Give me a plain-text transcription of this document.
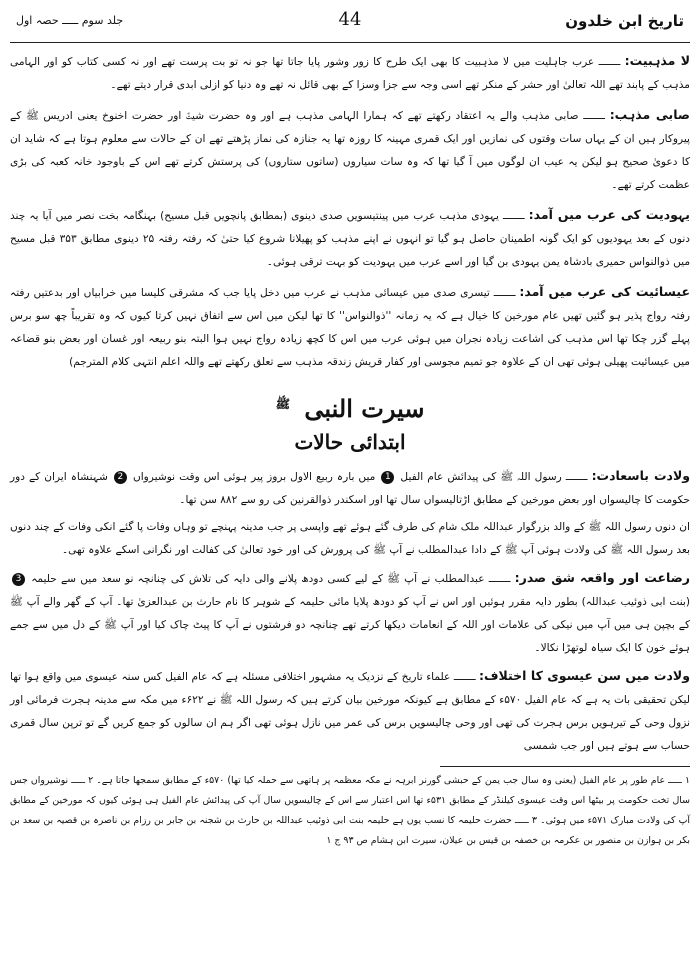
تاریخ ابن خلدون
44
جلد سوم ـــــ حصہ اول

لا مذہبیت: ـــــــ عرب جاہلیت میں لا مذہبیت کا بھی ایک طرح کا زور وشور پایا جاتا تھا جو نہ تو بت پرست تھے اور نہ کسی کتاب کو اور الہامی مذہب کے پابند تھے اللہ تعالیٰ اور حشر کے منکر تھے اسی وجہ سے جزا وسزا کے بھی قائل نہ تھے وہ دنیا کو ازلی ابدی قرار دیتے تھے۔

صابی مذہب: ـــــــ صابی مذہب والے یہ اعتقاد رکھتے تھے کہ ہمارا الہامی مذہب ہے اور وہ حضرت شیثؑ اور حضرت اخنوخ یعنی ادریس ﷺ کے پیروکار ہیں ان کے یہاں سات وقتوں کی نمازیں اور ایک قمری مہینہ کا روزہ تھا یہ جنازہ کی نماز پڑھتے تھے ان کے حالات سے معلوم ہوتا ہے کہ شاید ان کا دعویٰ صحیح ہو لیکن یہ عیب ان لوگوں میں آ گیا تھا کہ وہ سات سیاروں (ساتوں ستاروں) کی پرستش کرتے تھے اس کے باوجود خانہ کعبہ کی بڑی عظمت کرتے تھے۔

یہودیت کی عرب میں آمد: ـــــــ یہودی مذہب عرب میں پینتیسویں صدی دینوی (بمطابق پانچویں قبل مسیح) بہنگامہ بخت نصر میں آیا یہ چند دنوں کے بعد یہودیوں کو ایک گونہ اطمینان حاصل ہو گیا تو انہوں نے اپنے مذہب کو پھیلانا شروع کیا حتیٰ کہ رفتہ رفتہ ۲۵ دینوی مطابق ۳۵۳ قبل مسیح میں ذوالنواس حمیری بادشاہ یمن یہودی بن گیا اور اسے عرب میں یہودیت کو بہت ترقی ہوئی۔

عیسائیت کی عرب میں آمد: ـــــــ تیسری صدی میں عیسائی مذہب نے عرب میں دخل پایا جب کہ مشرقی کلیسا میں خرابیاں اور بدعتیں رفتہ رفتہ رواج پذیر ہو گئیں تھیں عام مورخین کا خیال ہے کہ یہ زمانہ ''ذوالنواس'' کا تھا لیکن میں اس سے اتفاق نہیں کرتا کیوں کہ وہ تقریباً چھ سو برس پہلے گزر چکا تھا اس مذہب کی اشاعت زیادہ نجران میں ہوئی عرب میں اس کا کچھ زیادہ رواج نہیں ہوا البتہ بنو ربیعہ اور غسان اور بعض بنو قضاعہ میں عیسائیت پھیلی ہوئی تھی ان کے علاوہ جو تمیم مجوسی اور کفار قریش زندقہ مذہب سے تعلق رکھتے تھے واللہ اعلم انتہی کلام المترجم)

سیرت النبی $^ﷺ$
ابتدائی حالات

ولادت باسعادت: ـــــــ رسول اللہ ﷺ کی پیدائش عام الفیل 1 میں بارہ ربیع الاول بروز پیر ہوئی اس وقت نوشیرواں 2 شہنشاہ ایران کے دور حکومت کا چالیسواں اور بعض مورخین کے مطابق اڑتالیسواں سال تھا اور اسکندر ذوالقرنین کی رو سے ۸۸۲ سن تھا۔

ان دنوں رسول اللہ ﷺ کے والد بزرگوار عبداللہ ملک شام کی طرف گئے ہوئے تھے واپسی پر جب مدینہ پہنچے تو وہاں وفات پا گئے انکی وفات کے چند دنوں بعد رسول اللہ ﷺ کی ولادت ہوئی آپ ﷺ کے دادا عبدالمطلب نے آپ ﷺ کی پرورش کی اور خود تعالیٰ کی کفالت اور نگرانی اسکے علاوہ تھی۔

رضاعت اور واقعہ شق صدر: ـــــــ عبدالمطلب نے آپ ﷺ کے لیے کسی دودھ پلانے والی دایہ کی تلاش کی چنانچہ نو سعد میں سے حلیمہ 3 (بنت ابی ذوئیب عبداللہ) بطور دایہ مقرر ہوئیں اور اس نے آپ کو دودھ پلایا مائی حلیمہ کے شوہر کا نام حارث بن عبدالعزیٰ تھا۔ آپ کے گھر والے آپ ﷺ کے بچپن ہی میں آپ میں نیکی کی علامات اور اللہ کے انعامات دیکھا کرتے تھے چنانچہ دو فرشتوں نے آپ کا پیٹ چاک کیا اور آپ ﷺ کے دل میں سے جمے ہوئے خون کا ایک سیاہ لوتھڑا نکالا۔

ولادت میں سن عیسوی کا اختلاف: ـــــــ علماء تاریخ کے نزدیک یہ مشہور اختلافی مسئلہ ہے کہ عام الفیل کس سنہ عیسوی میں واقع ہوا تھا لیکن تحقیقی بات یہ ہے کہ عام الفیل ۵۷۰ء کے مطابق ہے کیونکہ مورخین بیان کرتے ہیں کہ رسول اللہ ﷺ نے ۶۲۲ء میں مکہ سے مدینہ ہجرت فرمائی اور نزول وحی کے تیرہویں برس ہجرت کی تھی اور وحی چالیسویں برس کی عمر میں نازل ہوئی تھی اگر ہم ان سالوں کو جمع کریں گے تو ترپن سال قمری حساب سے ہوتے ہیں اور جب شمسی

۱ ـــــ عام طور پر عام الفیل (یعنی وہ سال جب یمن کے حبشی گورنر ابرہہ نے مکہ معظمہ پر ہاتھی سے حملہ کیا تھا) ۵۷۰ء کے مطابق سمجھا جاتا ہے۔ ۲ ـــــ نوشیرواں جس سال تخت حکومت پر بیٹھا اس وقت عیسوی کیلنڈر کے مطابق ۵۳۱ء تھا اس اعتبار سے اس کے چالیسویں سال آپ کی پیدائش عام الفیل ہی ہوئی کیوں کہ مورخین کے مطابق آپ کی ولادت مبارک ۵۷۱ء میں ہوئی۔ ۳ ـــــ حضرت حلیمہ کا نسب یوں ہے حلیمہ بنت ابی ذوئیب عبداللہ بن حارث بن شجنہ بن جابر بن رزام بن ناصرہ بن قصیہ بن سعد بن بکر بن ہوازن بن منصور بن عکرمہ بن خصفہ بن قیس بن عیلان، سیرت ابن ہشام ص ۹۳ ج ۱
